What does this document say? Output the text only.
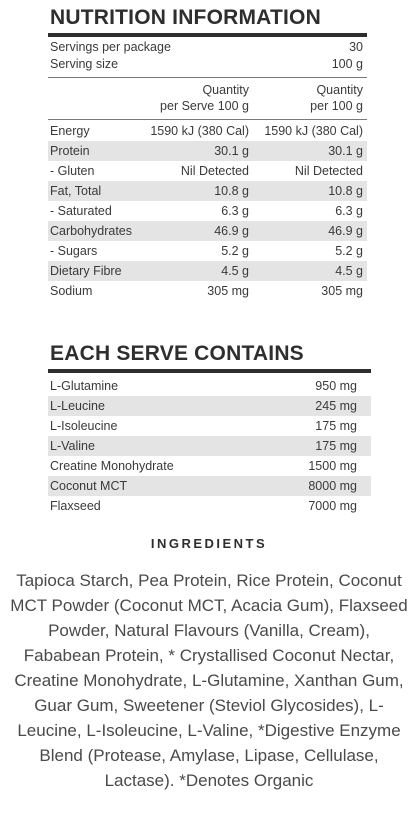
NUTRITION INFORMATION
Servings per package	30
Serving size	100 g
Quantity	Quantity
per Serve 100 g	per 100 g
Energy	1590 kJ (380 Cal) 1590 kJ (380 Cal)
Protein	30.1 g	30.1 g
- Gluten	Nil Detected	Nil Detected
Fat, Total	10.8 g	10.8 g
- Saturated	6.3 g	6.3 g
Carbohydrates	46.9 g	46.9 g
- Sugars	5.2 g	5.2 g
Dietary Fibre	4.5 g	4.5 g
Sodium	305 mg	305 mg
EACH SERVE CONTAINS
L-Glutamine	950 mg
L-Leucine	245 mg
L-Isoleucine	175 mg
L-Valine	175 mg
Creatine Monohydrate	1500 mg
Coconut MCT	8000 mg
Flaxseed	7000 mg
INGREDIENTS
Tapioca Starch, Pea Protein, Rice Protein, Coconut MCT Powder (Coconut MCT, Acacia Gum), Flaxseed Powder, Natural Flavours (Vanilla, Cream), Fababean Protein, * Crystallised Coconut Nectar, Creatine Monohydrate, L-Glutamine, Xanthan Gum, Guar Gum, Sweetener (Steviol Glycosides), L-Leucine, L-Isoleucine, L-Valine, *Digestive Enzyme Blend (Protease, Amylase, Lipase, Cellulase, Lactase). *Denotes Organic
